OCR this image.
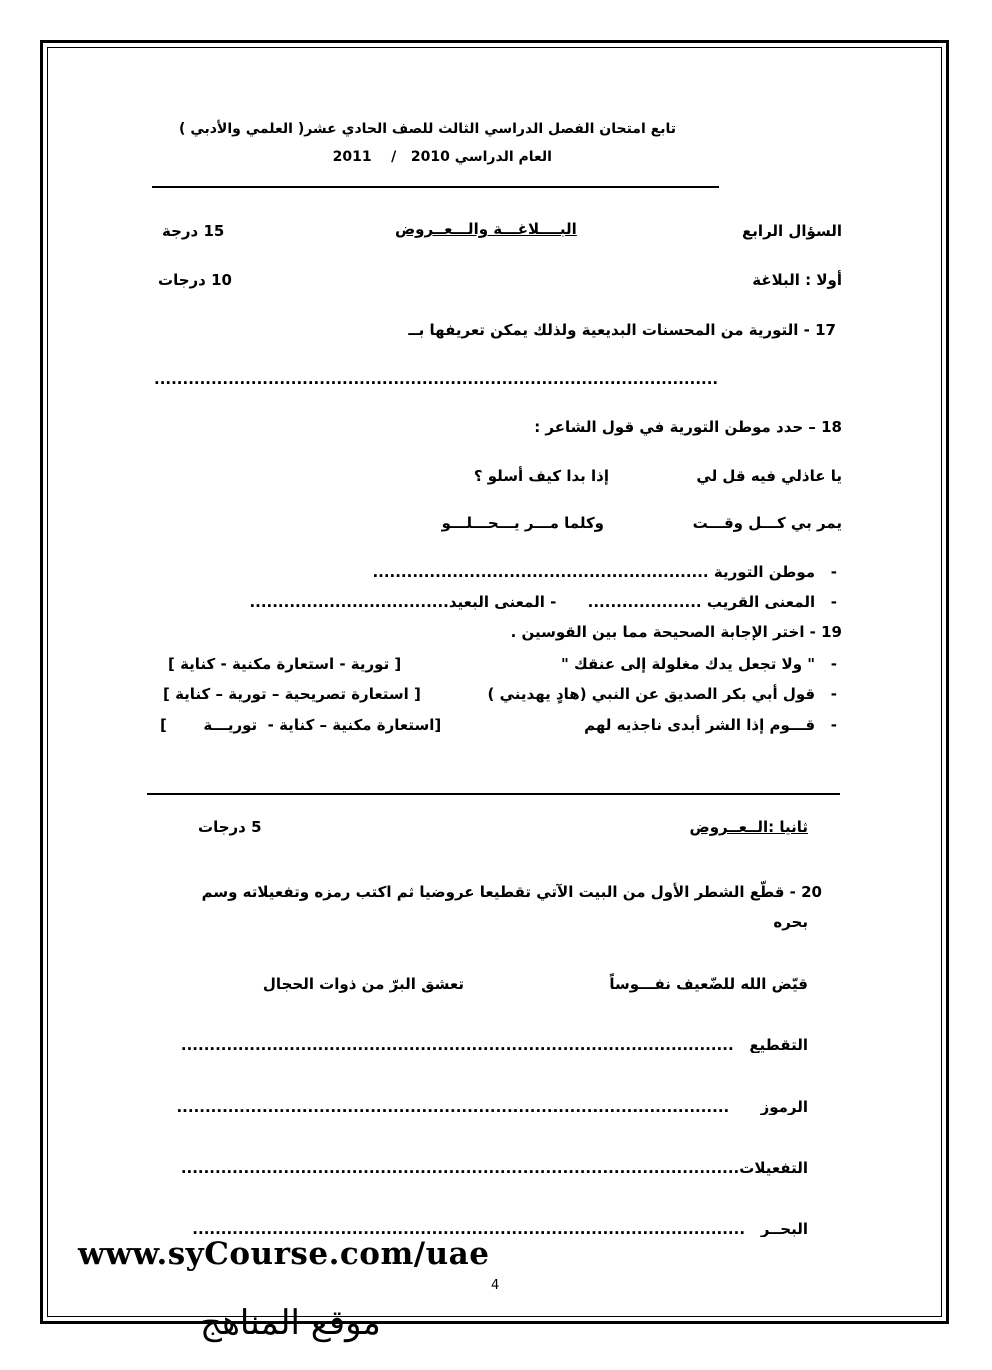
تابع امتحان الفصل الدراسي الثالث للصف الحادي عشر( العلمي والأدبي )
العام الدراسي 2010   /    2011
السؤال الرابع
البــــلاغـــة والـــعــروض
15 درجة
أولا : البلاغة
10 درجات
17 - التورية من المحسنات البديعية ولذلك يمكن تعريفها بــ
...................................................................................................
18 – حدد موطن التورية في قول الشاعر :
يا عاذلي فيه قل لي
إذا بدا كيف أسلو ؟
يمر بي كـــل وقـــت
وكلما مـــر يـــحـــلـــو
-   موطن التورية ...........................................................
-   المعنى القريب ....................      - المعنى البعيد...................................
19 - اختر الإجابة الصحيحة مما بين القوسين .
-   " ولا تجعل يدك مغلولة إلى عنقك "
[ تورية - استعارة مكنية - كناية ]
-   قول أبي بكر الصديق عن النبي (هادٍ يهديني )
[ استعارة تصريحية – تورية – كناية ]
-   قـــوم إذا الشر أبدى ناجذيه لهم
[استعارة مكنية – كناية -  توريـــة       ]
ثانيا :الــعــروض
5 درجات
20 - قطّع الشطر الأول من البيت الآتي تقطيعا عروضيا ثم اكتب رمزه وتفعيلاته وسم
بحره
قيّض الله للضّعيف نفـــوساً
تعشق البرّ من ذوات الحجال
التقطيع   .................................................................................................
الرموز      .................................................................................................
التفعيلات..................................................................................................
البحــر   .................................................................................................
www.syCourse.com/uae
4
موقع المناهج
